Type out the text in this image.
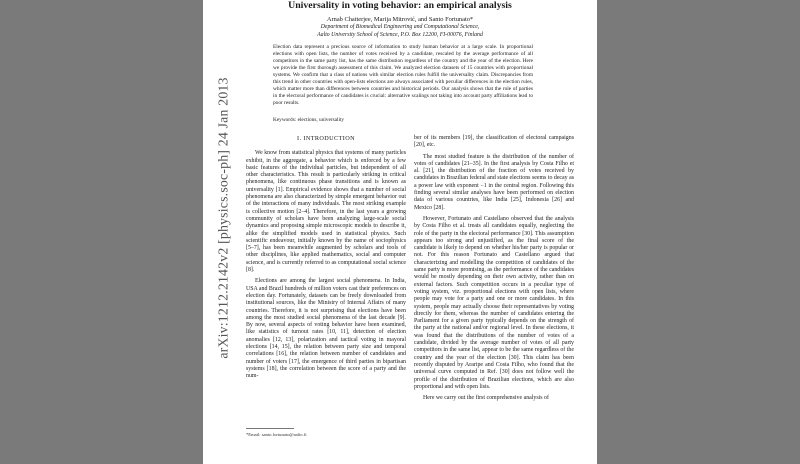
Universality in voting behavior: an empirical analysis
Arnab Chatterjee, Marija Mitrović, and Santo Fortunato*
Department of Biomedical Engineering and Computational Science,
Aalto University School of Science, P.O. Box 12200, FI-00076, Finland

Election data represent a precious source of information to study human behavior at a large scale. In proportional elections with open lists, the number of votes received by a candidate, rescaled by the average performance of all competitors in the same party list, has the same distribution regardless of the country and the year of the election. Here we provide the first thorough assessment of this claim. We analyzed election datasets of 15 countries with proportional systems. We confirm that a class of nations with similar election rules fulfill the universality claim. Discrepancies from this trend in other countries with open-lists elections are always associated with peculiar differences in the election rules, which matter more than differences between countries and historical periods. Our analysis shows that the role of parties in the electoral performance of candidates is crucial: alternative scalings not taking into account party affiliations lead to poor results.

Keywords: elections, universality
I. INTRODUCTION

We know from statistical physics that systems of many particles exhibit, in the aggregate, a behavior which is enforced by a few basic features of the individual particles, but independent of all other characteristics. This result is particularly striking in critical phenomena, like continuous phase transitions and is known as universality [1]. Empirical evidence shows that a number of social phenomena are also characterized by simple emergent behavior out of the interactions of many individuals. The most striking example is collective motion [2–4]. Therefore, in the last years a growing community of scholars have been analyzing large-scale social dynamics and proposing simple microscopic models to describe it, alike the simplified models used in statistical physics. Such scientific endeavour, initially known by the name of sociophysics [5–7], has been meanwhile augmented by scholars and tools of other disciplines, like applied mathematics, social and computer science, and is currently referred to as computational social science [8].

Elections are among the largest social phenomena. In India, USA and Brazil hundreds of million voters cast their preferences on election day. Fortunately, datasets can be freely downloaded from institutional sources, like the Ministry of Internal Affairs of many countries. Therefore, it is not surprising that elections have been among the most studied social phenomena of the last decade [9]. By now, several aspects of voting behavior have been examined, like statistics of turnout rates [10, 11], detection of election anomalies [12, 13], polarization and tactical voting in mayoral elections [14, 15], the relation between party size and temporal correlations [16], the relation between number of candidates and number of voters [17], the emergence of third parties in bipartisan systems [18], the correlation between the score of a party and the num-

ber of its members [19], the classification of electoral campaigns [20], etc.

The most studied feature is the distribution of the number of votes of candidates [21–35]. In the first analysis by Costa Filho et al. [21], the distribution of the fraction of votes received by candidates in Brazilian federal and state elections seems to decay as a power law with exponent −1 in the central region. Following this finding several similar analyses have been performed on election data of various countries, like India [25], Indonesia [26] and Mexico [28].

However, Fortunato and Castellano observed that the analysis by Costa Filho et al. treats all candidates equally, neglecting the role of the party in the electoral performance [30]. This assumption appears too strong and unjustified, as the final score of the candidate is likely to depend on whether his/her party is popular or not. For this reason Fortunato and Castellano argued that characterizing and modelling the competition of candidates of the same party is more promising, as the performance of the candidates would be mostly depending on their own activity, rather than on external factors. Such competition occurs in a peculiar type of voting system, viz. proportional elections with open lists, where people may vote for a party and one or more candidates. In this system, people may actually choose their representatives by voting directly for them, whereas the number of candidates entering the Parliament for a given party typically depends on the strength of the party at the national and/or regional level. In these elections, it was found that the distributions of the number of votes of a candidate, divided by the average number of votes of all party competitors in the same list, appear to be the same regardless of the country and the year of the election [30]. This claim has been recently disputed by Araripe and Costa Filho, who found that the universal curve computed in Ref. [30] does not follow well the profile of the distribution of Brazilian elections, which are also proportional and with open lists.

Here we carry out the first comprehensive analysis of

*Email: santo.fortunato@aalto.fi
arXiv:1212.2142v2 [physics.soc-ph] 24 Jan 2013
